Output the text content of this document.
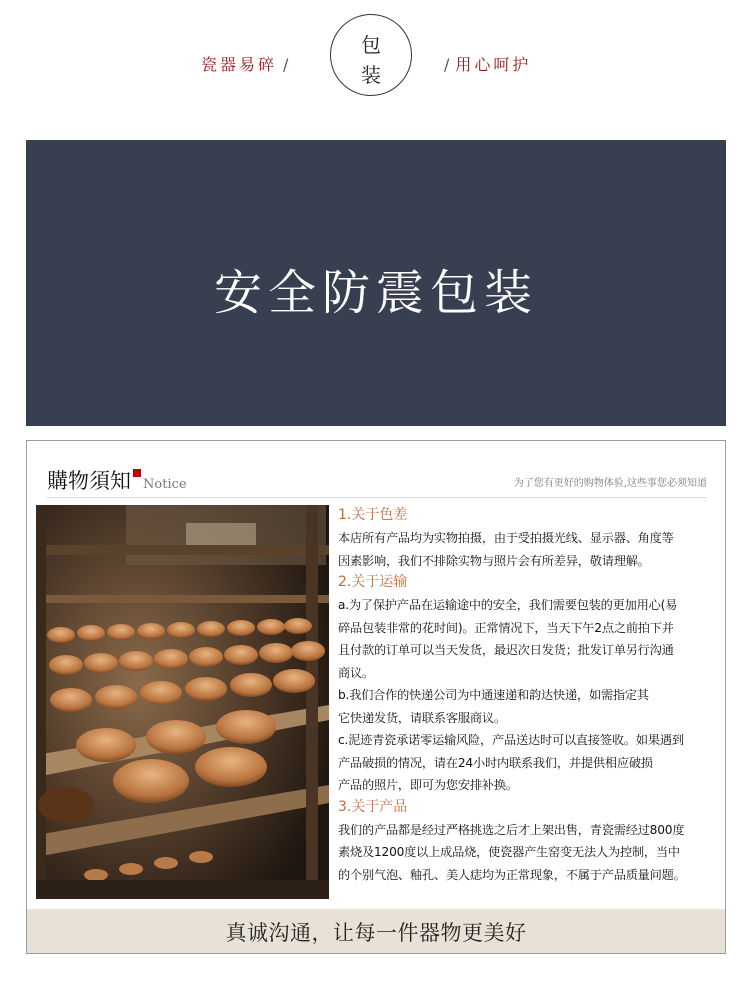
瓷器易碎 /
包
装	/ 用心呵护
安全防震包装
購物須知 Notice	为了您有更好的购物体验,这些事您必须知道
1.关于色差

本店所有产品均为实物拍摄，由于受拍摄光线、显示器、角度等

因素影响，我们不排除实物与照片会有所差异，敬请理解。

2.关于运输

a.为了保护产品在运输途中的安全，我们需要包装的更加用心(易

碎品包装非常的花时间)。正常情况下，当天下午2点之前拍下并

且付款的订单可以当天发货，最迟次日发货；批发订单另行沟通

商议。

b.我们合作的快递公司为中通速递和韵达快递，如需指定其

它快递发货，请联系客服商议。

c.泥迹青瓷承诺零运输风险，产品送达时可以直接签收。如果遇到

产品破损的情况，请在24小时内联系我们，并提供相应破损

产品的照片，即可为您安排补换。

3.关于产品

我们的产品都是经过严格挑选之后才上架出售，青瓷需经过800度

素烧及1200度以上成品烧，使瓷器产生窑变无法人为控制，当中

的个别气泡、釉孔、美人痣均为正常现象，不属于产品质量问题。

真诚沟通，让每一件器物更美好
